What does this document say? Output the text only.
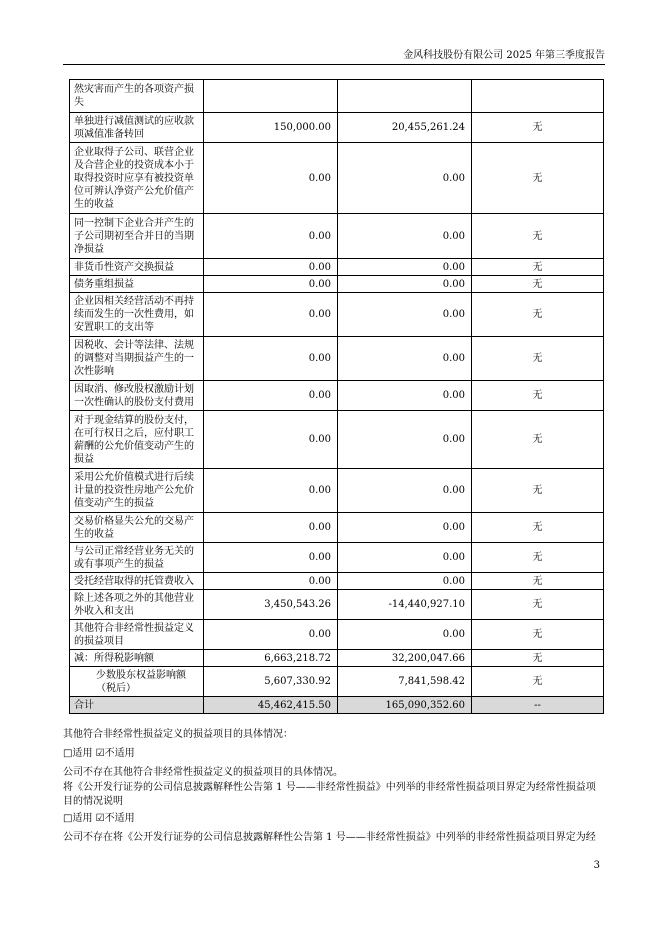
金风科技股份有限公司 2025 年第三季度报告
然灾害而产生的各项资产损失			
单独进行减值测试的应收款项减值准备转回	150,000.00	20,455,261.24	无
企业取得子公司、联营企业及合营企业的投资成本小于取得投资时应享有被投资单位可辨认净资产公允价值产生的收益	0.00	0.00	无
同一控制下企业合并产生的子公司期初至合并日的当期净损益	0.00	0.00	无
非货币性资产交换损益	0.00	0.00	无
债务重组损益	0.00	0.00	无
企业因相关经营活动不再持续而发生的一次性费用，如安置职工的支出等	0.00	0.00	无
因税收、会计等法律、法规的调整对当期损益产生的一次性影响	0.00	0.00	无
因取消、修改股权激励计划一次性确认的股份支付费用	0.00	0.00	无
对于现金结算的股份支付，在可行权日之后，应付职工薪酬的公允价值变动产生的损益	0.00	0.00	无
采用公允价值模式进行后续计量的投资性房地产公允价值变动产生的损益	0.00	0.00	无
交易价格显失公允的交易产生的收益	0.00	0.00	无
与公司正常经营业务无关的或有事项产生的损益	0.00	0.00	无
受托经营取得的托管费收入	0.00	0.00	无
除上述各项之外的其他营业外收入和支出	3,450,543.26	-14,440,927.10	无
其他符合非经常性损益定义的损益项目	0.00	0.00	无
减：所得税影响额	6,663,218.72	32,200,047.66	无
少数股东权益影响额（税后）	5,607,330.92	7,841,598.42	无
合计	45,462,415.50	165,090,352.60	--
其他符合非经常性损益定义的损益项目的具体情况：
□适用 ☑不适用
公司不存在其他符合非经常性损益定义的损益项目的具体情况。
将《公开发行证券的公司信息披露解释性公告第 1 号——非经常性损益》中列举的非经常性损益项目界定为经常性损益项目的情况说明
□适用 ☑不适用
公司不存在将《公开发行证券的公司信息披露解释性公告第 1 号——非经常性损益》中列举的非经常性损益项目界定为经
3
